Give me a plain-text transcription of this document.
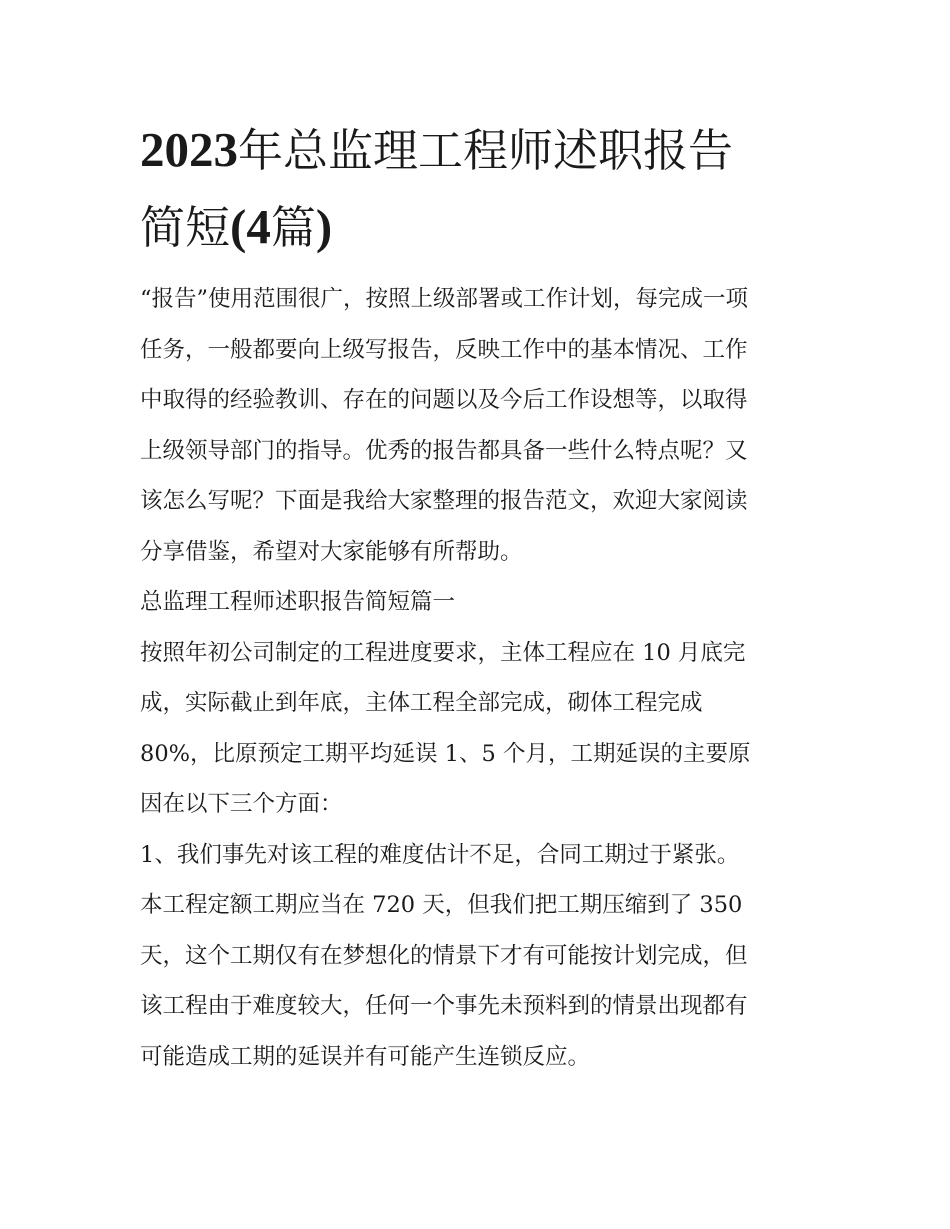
2023年总监理工程师述职报告
简短(4篇)
“报告”使用范围很广，按照上级部署或工作计划，每完成一项
任务，一般都要向上级写报告，反映工作中的基本情况、工作
中取得的经验教训、存在的问题以及今后工作设想等，以取得
上级领导部门的指导。优秀的报告都具备一些什么特点呢？又
该怎么写呢？下面是我给大家整理的报告范文，欢迎大家阅读
分享借鉴，希望对大家能够有所帮助。
总监理工程师述职报告简短篇一
按照年初公司制定的工程进度要求，主体工程应在 10 月底完
成，实际截止到年底，主体工程全部完成，砌体工程完成
80%，比原预定工期平均延误 1、5 个月，工期延误的主要原
因在以下三个方面：
1、我们事先对该工程的难度估计不足，合同工期过于紧张。
本工程定额工期应当在 720 天，但我们把工期压缩到了 350
天，这个工期仅有在梦想化的情景下才有可能按计划完成，但
该工程由于难度较大，任何一个事先未预料到的情景出现都有
可能造成工期的延误并有可能产生连锁反应。
